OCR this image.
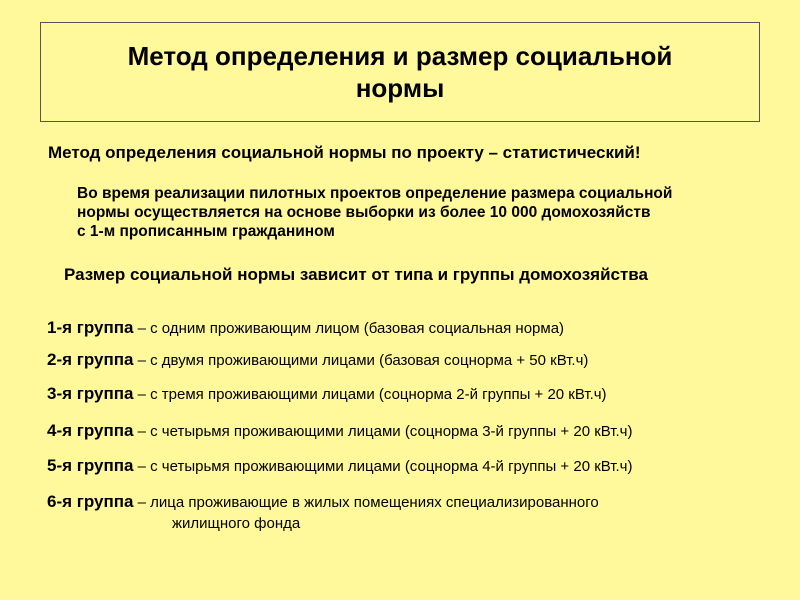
Метод определения и размер социальной нормы
Метод определения социальной нормы по проекту – статистический!
Во время реализации пилотных проектов определение размера социальной
нормы осуществляется на основе выборки из более 10 000 домохозяйств
с 1-м прописанным гражданином
Размер социальной нормы зависит от типа и группы домохозяйства
1-я группа – с одним проживающим лицом (базовая социальная норма)
2-я группа – с двумя проживающими лицами (базовая соцнорма + 50 кВт.ч)
3-я группа – с тремя проживающими лицами (соцнорма 2-й группы + 20 кВт.ч)
4-я группа – с четырьмя проживающими лицами (соцнорма 3-й группы + 20 кВт.ч)
5-я группа – с четырьмя проживающими лицами (соцнорма 4-й группы + 20 кВт.ч)
6-я группа – лица проживающие в жилых помещениях специализированного
жилищного фонда
